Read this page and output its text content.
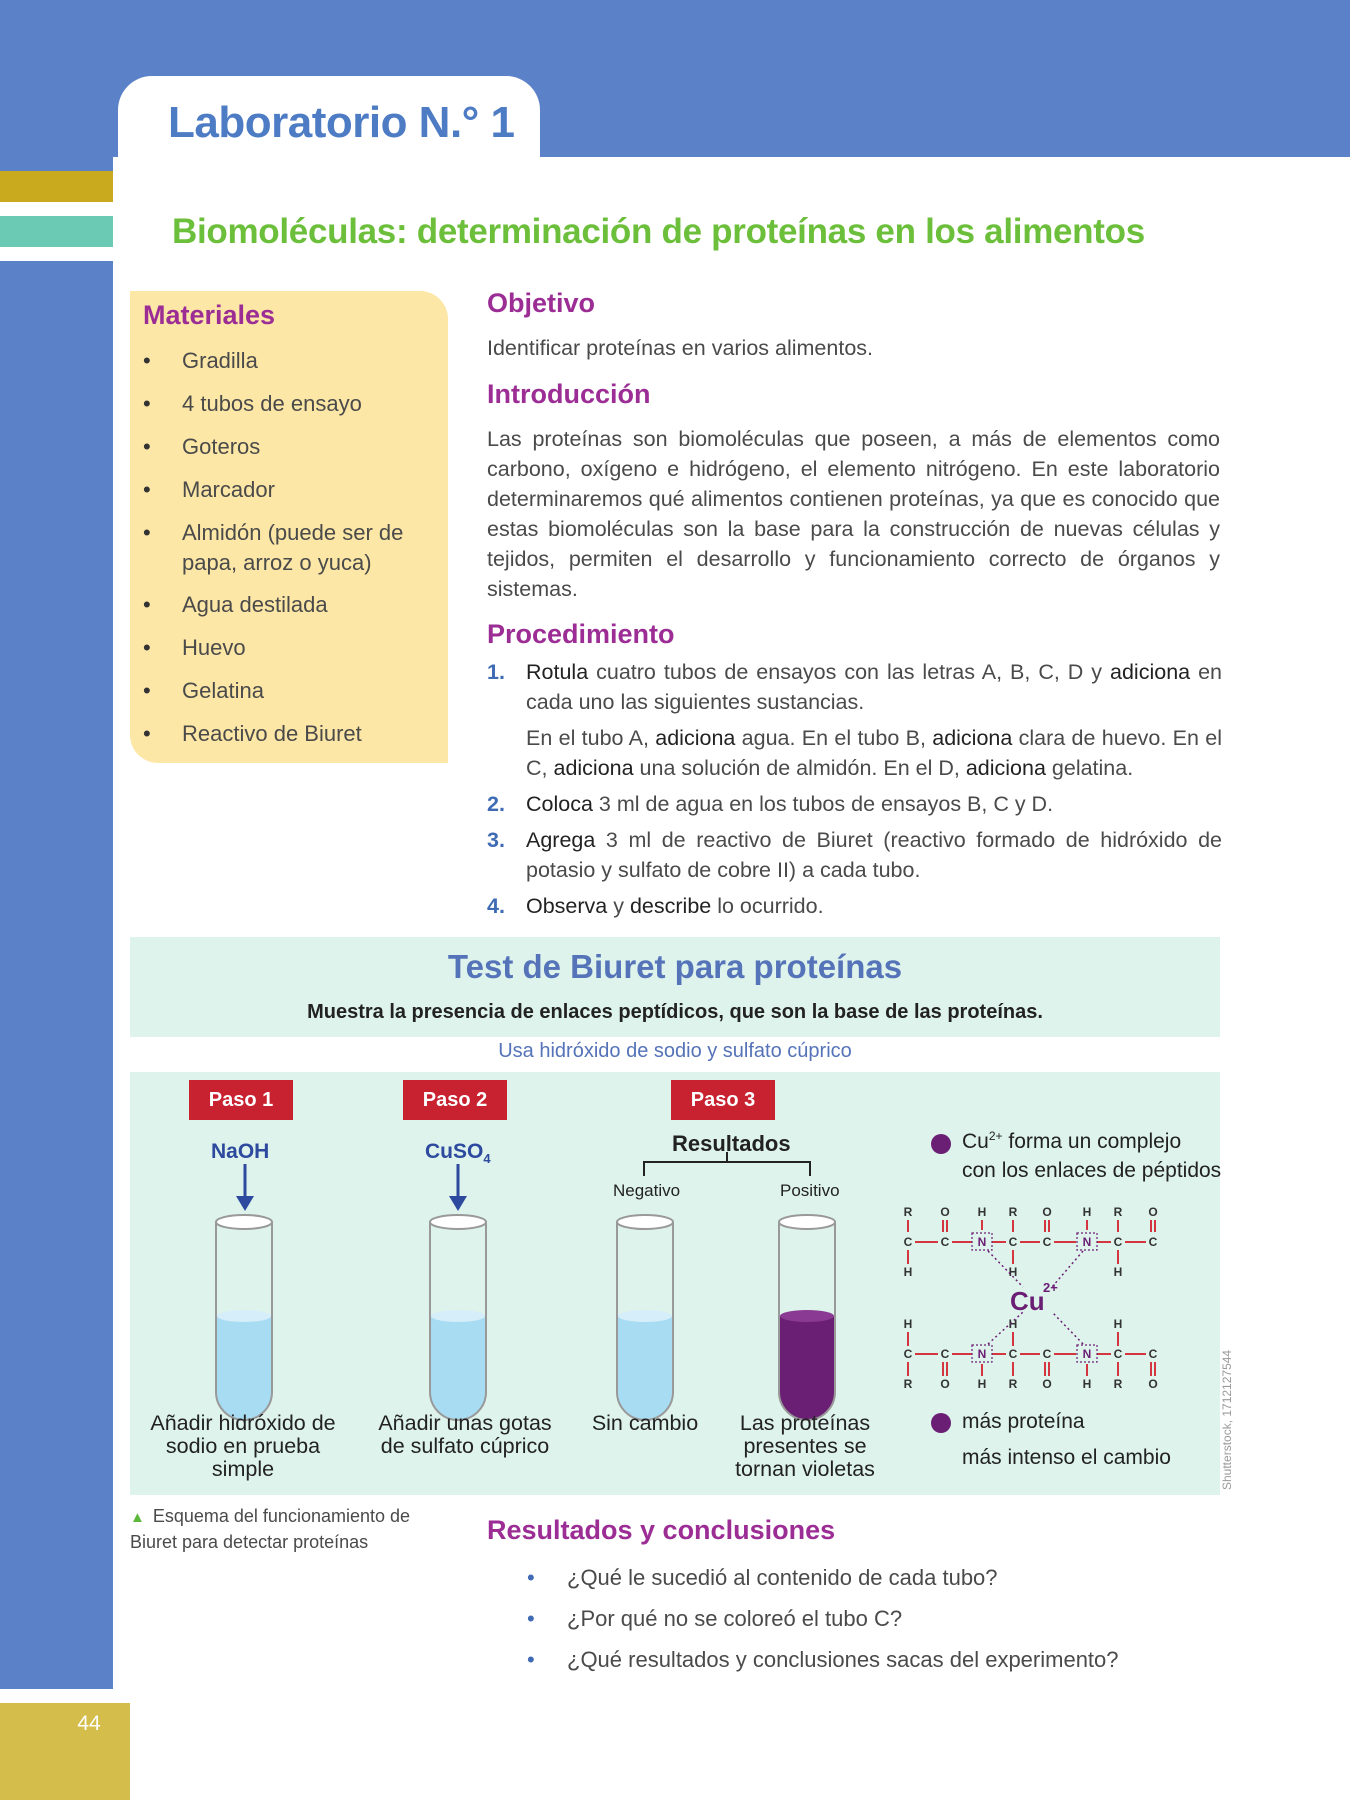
Laboratorio N.° 1
Biomoléculas: determinación de proteínas en los alimentos
Materiales
• Gradilla
• 4 tubos de ensayo
• Goteros
• Marcador
• Almidón (puede ser de papa, arroz o yuca)
• Agua destilada
• Huevo
• Gelatina
• Reactivo de Biuret
Objetivo
Identificar proteínas en varios alimentos.
Introducción
Las proteínas son biomoléculas que poseen, a más de elementos como carbono, oxígeno e hidrógeno, el elemento nitrógeno. En este laboratorio determinaremos qué alimentos contienen proteínas, ya que es conocido que estas biomoléculas son la base para la construcción de nuevas células y tejidos, permiten el desarrollo y funcionamiento correcto de órganos y sistemas.
Procedimiento
1. Rotula cuatro tubos de ensayos con las letras A, B, C, D y adiciona en cada uno las siguientes sustancias.
En el tubo A, adiciona agua. En el tubo B, adiciona clara de huevo. En el C, adiciona una solución de almidón. En el D, adiciona gelatina.
2. Coloca 3 ml de agua en los tubos de ensayos B, C y D.
3. Agrega 3 ml de reactivo de Biuret (reactivo formado de hidróxido de potasio y sulfato de cobre II) a cada tubo.
4. Observa y describe lo ocurrido.
Test de Biuret para proteínas
Muestra la presencia de enlaces peptídicos, que son la base de las proteínas.
Usa hidróxido de sodio y sulfato cúprico
Paso 1	Paso 2	Paso 3
NaOH	CuSO$_4$
Resultados
Negativo	Positivo
R O H R O	H R O
C C N C C	N C C
H	H	H
H	H	H
C C N C C	N C C
R O H R O	H R O
Cu
2+
$Cu^{2+}$ forma un complejo
con los enlaces de péptidos
más proteína
más intenso el cambio
Añadir hidróxido de sodio en prueba simple
Añadir unas gotas de sulfato cúprico
Sin cambio	Las proteínas presentes se tornan violetas	Shutterstock, 1712127544
▲ Esquema del funcionamiento de Biuret para detectar proteínas	Resultados y conclusiones
• ¿Qué le sucedió al contenido de cada tubo?
• ¿Por qué no se coloreó el tubo C?
• ¿Qué resultados y conclusiones sacas del experimento?
44
